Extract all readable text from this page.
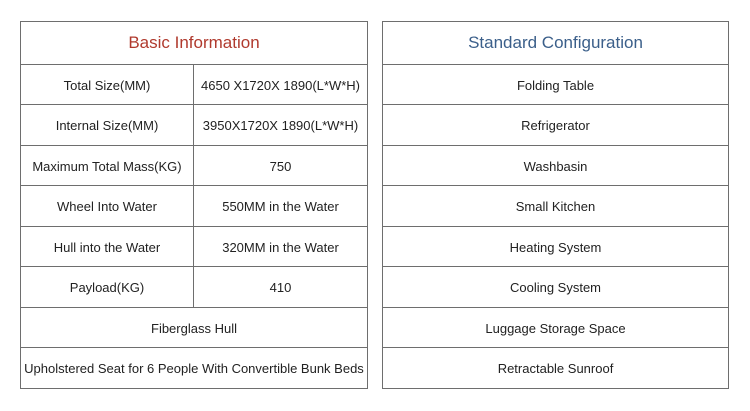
Basic Information
Total Size(MM)	4650 X1720X 1890(L*W*H)
Internal Size(MM)	3950X1720X 1890(L*W*H)
Maximum Total Mass(KG)	750
Wheel Into Water	550MM in the Water
Hull into the Water	320MM in the Water
Payload(KG)	410
Fiberglass Hull
Upholstered Seat for 6 People With Convertible Bunk Beds
Standard Configuration
Folding Table
Refrigerator
Washbasin
Small Kitchen
Heating System
Cooling System
Luggage Storage Space
Retractable Sunroof
